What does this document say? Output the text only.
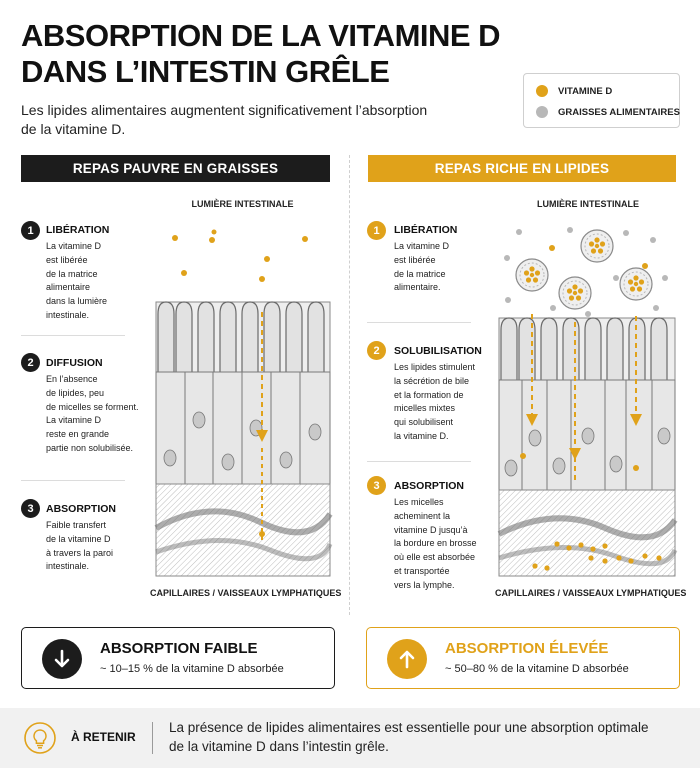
ABSORPTION DE LA VITAMINE D
DANS L’INTESTIN GRÊLE
Les lipides alimentaires augmentent significativement l’absorption de la vitamine D.
VITAMINE D
GRAISSES ALIMENTAIRES
REPAS PAUVRE EN GRAISSES	REPAS RICHE EN LIPIDES
1	LIBÉRATION
La vitamine D
est libérée
de la matrice
alimentaire
dans la lumière
intestinale.
2	DIFFUSION
En l’absence
de lipides, peu
de micelles se forment.
La vitamine D
reste en grande
partie non solubilisée.
3	ABSORPTION
Faible transfert
de la vitamine D
à travers la paroi
intestinale.
LUMIÈRE INTESTINALE
CAPILLAIRES / VAISSEAUX LYMPHATIQUES
1	LIBÉRATION
La vitamine D
est libérée
de la matrice
alimentaire.
2	SOLUBILISATION
Les lipides stimulent
la sécrétion de bile
et la formation de
micelles mixtes
qui solubilisent
la vitamine D.
3	ABSORPTION
Les micelles
acheminent la
vitamine D jusqu’à
la bordure en brosse
où elle est absorbée
et transportée
vers la lymphe.
LUMIÈRE INTESTINALE
CAPILLAIRES / VAISSEAUX LYMPHATIQUES
ABSORPTION FAIBLE
~ 10–15 % de la vitamine D absorbée
ABSORPTION ÉLEVÉE
~ 50–80 % de la vitamine D absorbée
À RETENIR
La présence de lipides alimentaires est essentielle pour une absorption optimale de la vitamine D dans l’intestin grêle.
